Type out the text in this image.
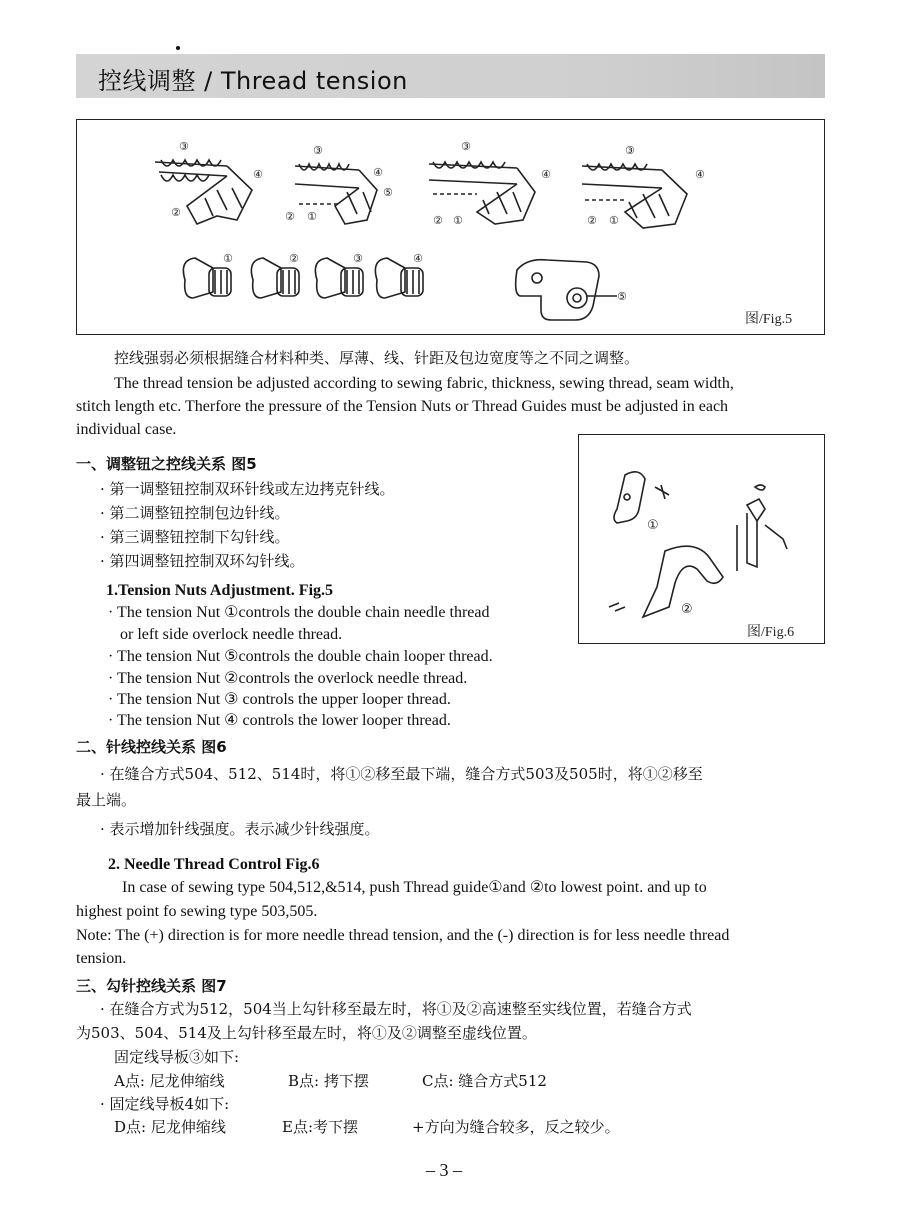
控线调整 / Thread tension
③
④
②
③
④
⑤
② ①
③
④
② ①
③
④
② ①
①	②	③	④
⑤
图/Fig.5
控线强弱必须根据缝合材料种类、厚薄、线、针距及包边宽度等之不同之调整。
The thread tension be adjusted according to sewing fabric, thickness, sewing thread, seam width,
stitch length etc. Therfore the pressure of the Tension Nuts or Thread Guides must be adjusted in each
individual case.
一、调整钮之控线关系 图5
· 第一调整钮控制双环针线或左边拷克针线。
· 第二调整钮控制包边针线。
· 第三调整钮控制下勾针线。
· 第四调整钮控制双环勾针线。
1.Tension Nuts Adjustment. Fig.5
· The tension Nut ①controls the double chain needle thread
or left side overlock needle thread.
· The tension Nut ⑤controls the double chain looper thread.
· The tension Nut ②controls the overlock needle thread.
· The tension Nut ③ controls the upper looper thread.
· The tension Nut ④ controls the lower looper thread.
①
②
图/Fig.6
二、针线控线关系 图6
· 在缝合方式504、512、514时，将①②移至最下端，缝合方式503及505时，将①②移至
最上端。
· 表示增加针线强度。表示减少针线强度。
2. Needle Thread Control Fig.6
In case of sewing type 504,512,&514, push Thread guide①and ②to lowest point. and up to
highest point fo sewing type 503,505.
Note: The (+) direction is for more needle thread tension, and the (-) direction is for less needle thread
tension.
三、勾针控线关系 图7
· 在缝合方式为512，504当上勾针移至最左时，将①及②高速整至实线位置，若缝合方式
为503、504、514及上勾针移至最左时，将①及②调整至虚线位置。
固定线导板③如下:
A点: 尼龙伸缩线	B点: 拷下摆	C点: 缝合方式512
· 固定线导板4如下:
D点: 尼龙伸缩线	E点:考下摆	+方向为缝合较多，反之较少。
– 3 –
